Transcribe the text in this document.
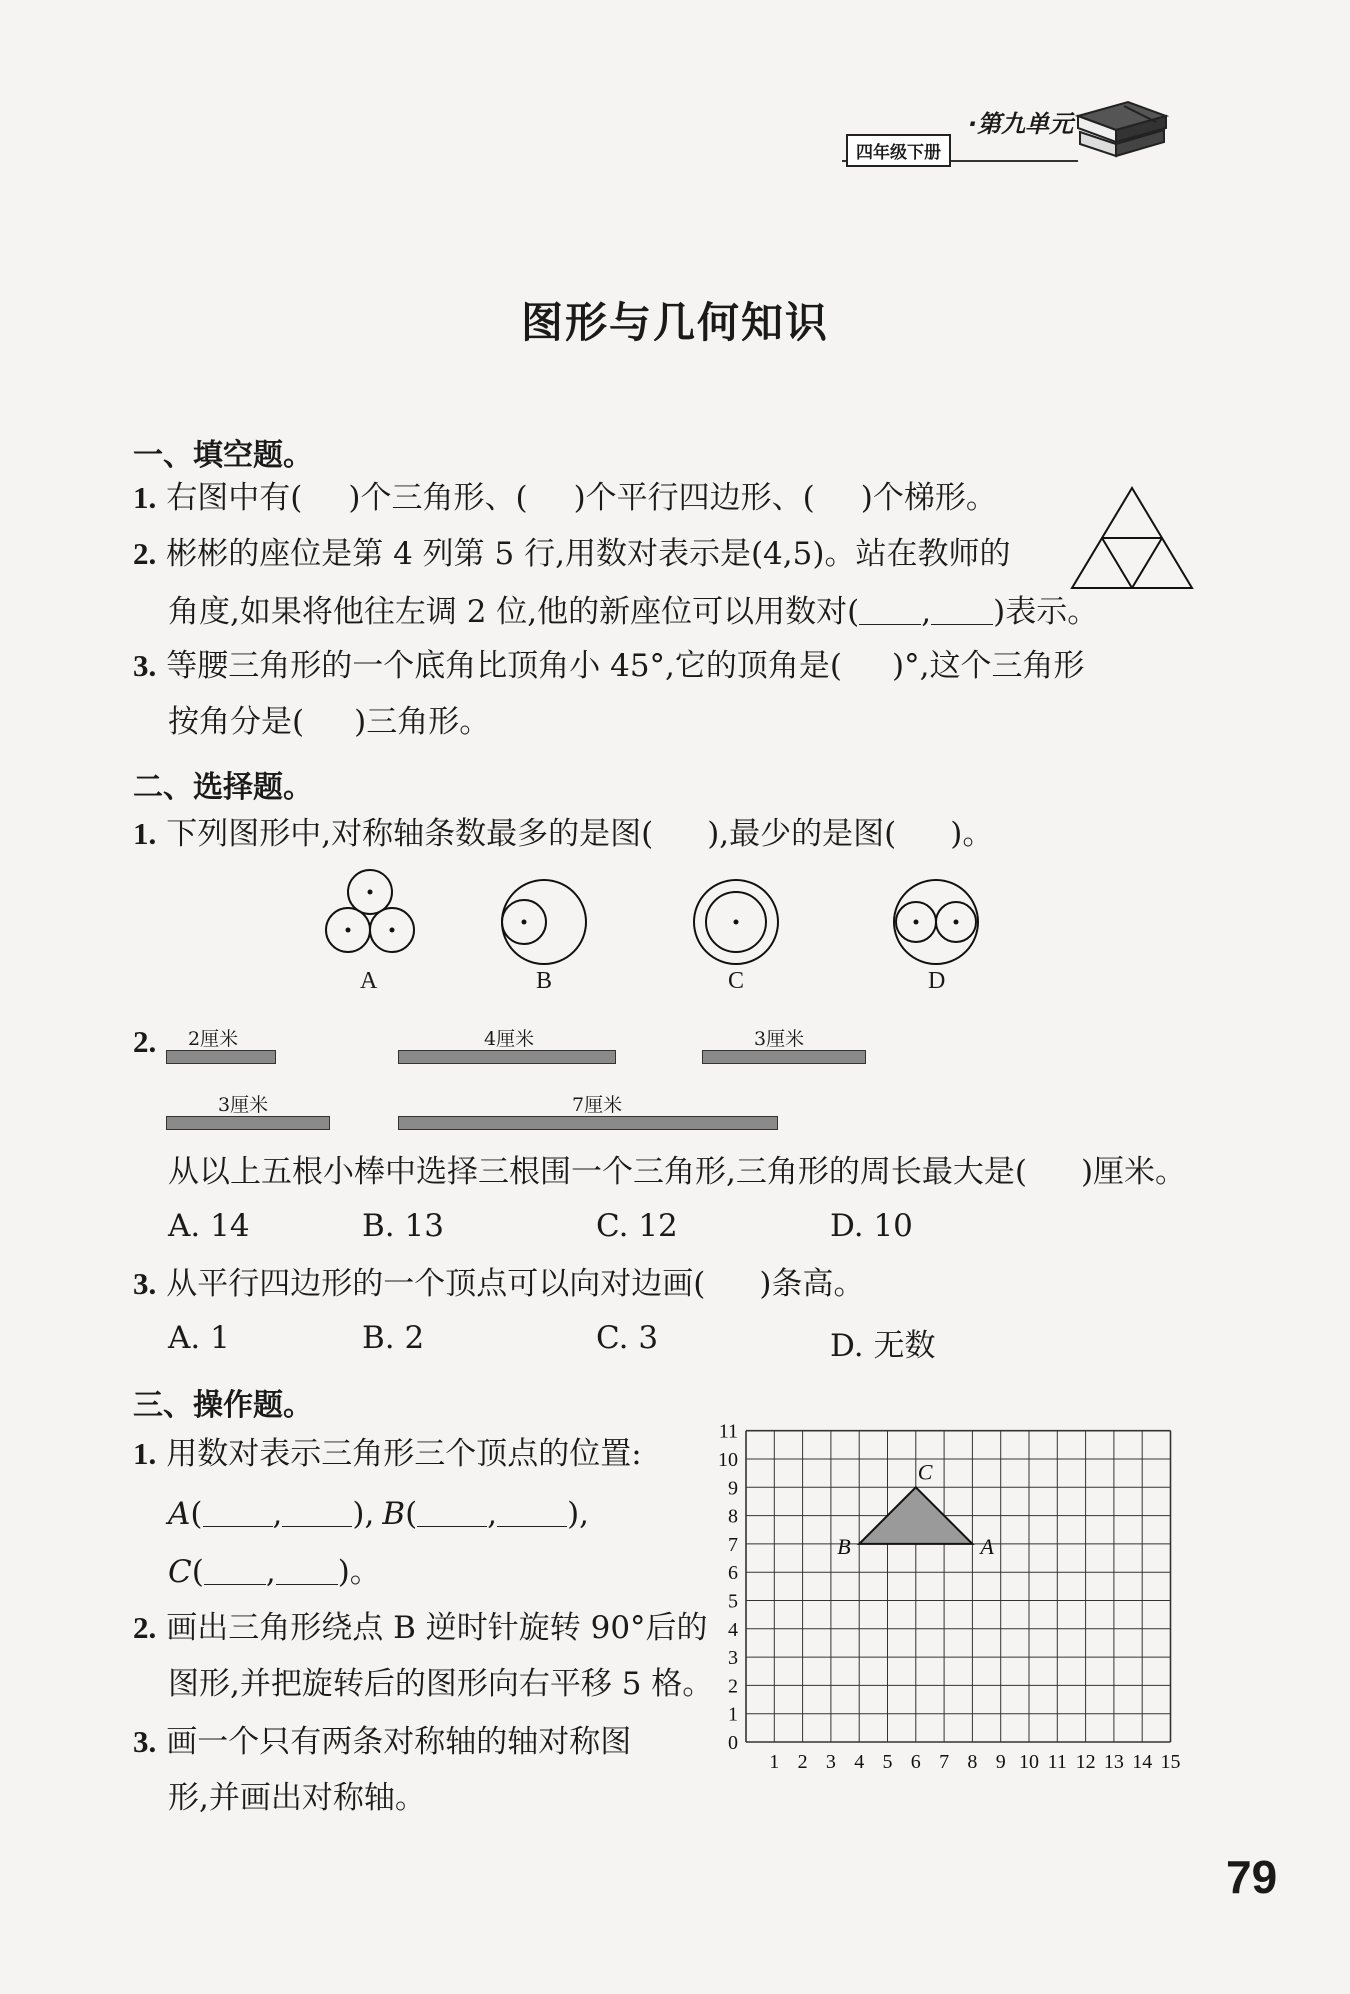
四年级下册
·第九单元
图形与几何知识
一、填空题。
1. 右图中有( )个三角形、( )个平行四边形、( )个梯形。
2. 彬彬的座位是第 4 列第 5 行,用数对表示是(4,5)。站在教师的
角度,如果将他往左调 2 位,他的新座位可以用数对( , )表示。
3. 等腰三角形的一个底角比顶角小 45°,它的顶角是( )°,这个三角形
按角分是( )三角形。
二、选择题。
1. 下列图形中,对称轴条数最多的是图( ),最少的是图( )。
A	B	C	D
2.	2厘米	4厘米	3厘米
3厘米	7厘米
从以上五根小棒中选择三根围一个三角形,三角形的周长最大是( )厘米。
A. 14	B. 13	C. 12	D. 10
3. 从平行四边形的一个顶点可以向对边画( )条高。
A. 1	B. 2	C. 3	D. 无数
三、操作题。
1. 用数对表示三角形三个顶点的位置:
A( , ), B( , ),
C( , )。
2. 画出三角形绕点 B 逆时针旋转 90°后的
图形,并把旋转后的图形向右平移 5 格。
3. 画一个只有两条对称轴的轴对称图
形,并画出对称轴。
1 2 3 4 5 6 7 8 9 10 11 12 13 14 15
0
1
2
3
4
5
6
7
8
9
10
11
A
B
C
79
